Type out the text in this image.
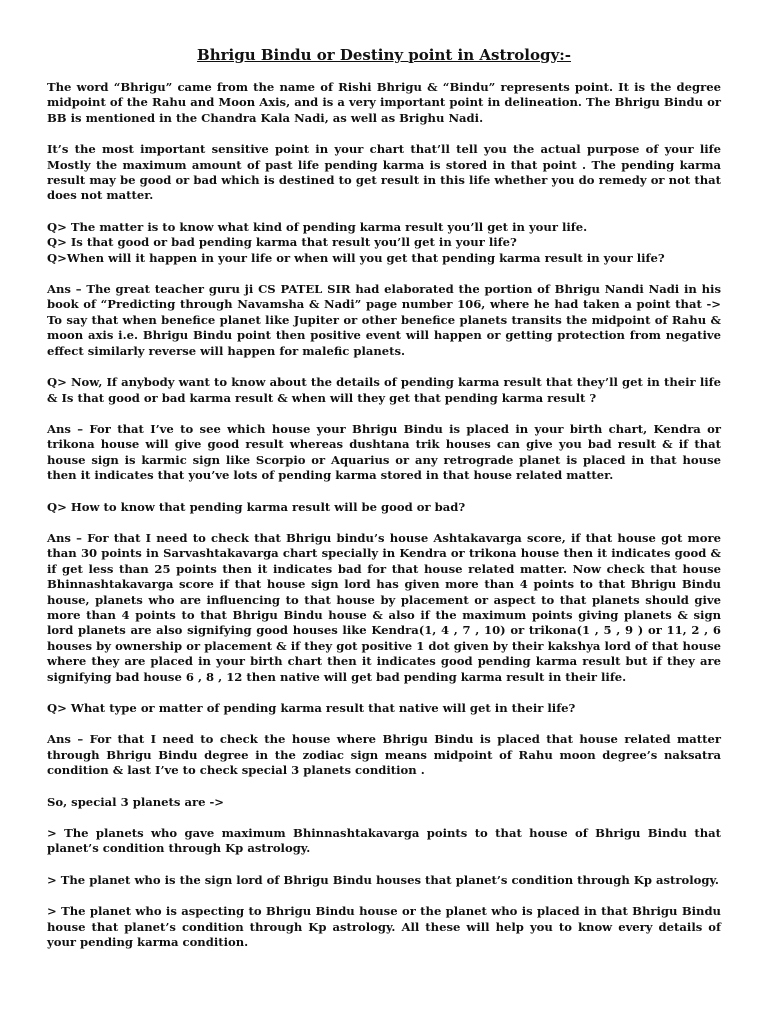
Bhrigu Bindu or Destiny point in Astrology:-

The word “Bhrigu” came from the name of Rishi Bhrigu & “Bindu” represents point. It is the degree midpoint of the Rahu and Moon Axis, and is a very important point in delineation. The Bhrigu Bindu or BB is mentioned in the Chandra Kala Nadi, as well as Brighu Nadi.

It’s the most important sensitive point in your chart that’ll tell you the actual purpose of your life Mostly the maximum amount of past life pending karma is stored in that point . The pending karma result may be good or bad which is destined to get result in this life whether you do remedy or not that does not matter.

Q> The matter is to know what kind of pending karma result you’ll get in your life.
Q> Is that good or bad pending karma that result you’ll get in your life?
Q>When will it happen in your life or when will you get that pending karma result in your life?

Ans – The great teacher guru ji CS PATEL SIR had elaborated the portion of Bhrigu Nandi Nadi in his book of “Predicting through Navamsha & Nadi” page number 106, where he had taken a point that -> To say that when benefice planet like Jupiter or other benefice planets transits the midpoint of Rahu & moon axis i.e. Bhrigu Bindu point then positive event will happen or getting protection from negative effect similarly reverse will happen for malefic planets.

Q> Now, If anybody want to know about the details of pending karma result that they’ll get in their life & Is that good or bad karma result & when will they get that pending karma result ?

Ans – For that I’ve to see which house your Bhrigu Bindu is placed in your birth chart, Kendra or trikona house will give good result whereas dushtana trik houses can give you bad result & if that house sign is karmic sign like Scorpio or Aquarius or any retrograde planet is placed in that house then it indicates that you’ve lots of pending karma stored in that house related matter.

Q> How to know that pending karma result will be good or bad?

Ans – For that I need to check that Bhrigu bindu’s house Ashtakavarga score, if that house got more than 30 points in Sarvashtakavarga chart specially in Kendra or trikona house then it indicates good & if get less than 25 points then it indicates bad for that house related matter. Now check that house Bhinnashtakavarga score if that house sign lord has given more than 4 points to that Bhrigu Bindu house, planets who are influencing to that house by placement or aspect to that planets should give more than 4 points to that Bhrigu Bindu house & also if the maximum points giving planets & sign lord planets are also signifying good houses like Kendra(1, 4 , 7 , 10) or trikona(1 , 5 , 9 ) or 11, 2 , 6 houses by ownership or placement & if they got positive 1 dot given by their kakshya lord of that house where they are placed in your birth chart then it indicates good pending karma result but if they are signifying bad house 6 , 8 , 12 then native will get bad pending karma result in their life.

Q> What type or matter of pending karma result that native will get in their life?

Ans – For that I need to check the house where Bhrigu Bindu is placed that house related matter through Bhrigu Bindu degree in the zodiac sign means midpoint of Rahu moon degree’s naksatra condition & last I’ve to check special 3 planets condition .

So, special 3 planets are ->

> The planets who gave maximum Bhinnashtakavarga points to that house of Bhrigu Bindu that planet’s condition through Kp astrology.

> The planet who is the sign lord of Bhrigu Bindu houses that planet’s condition through Kp astrology.

> The planet who is aspecting to Bhrigu Bindu house or the planet who is placed in that Bhrigu Bindu house that planet’s condition through Kp astrology. All these will help you to know every details of your pending karma condition.
